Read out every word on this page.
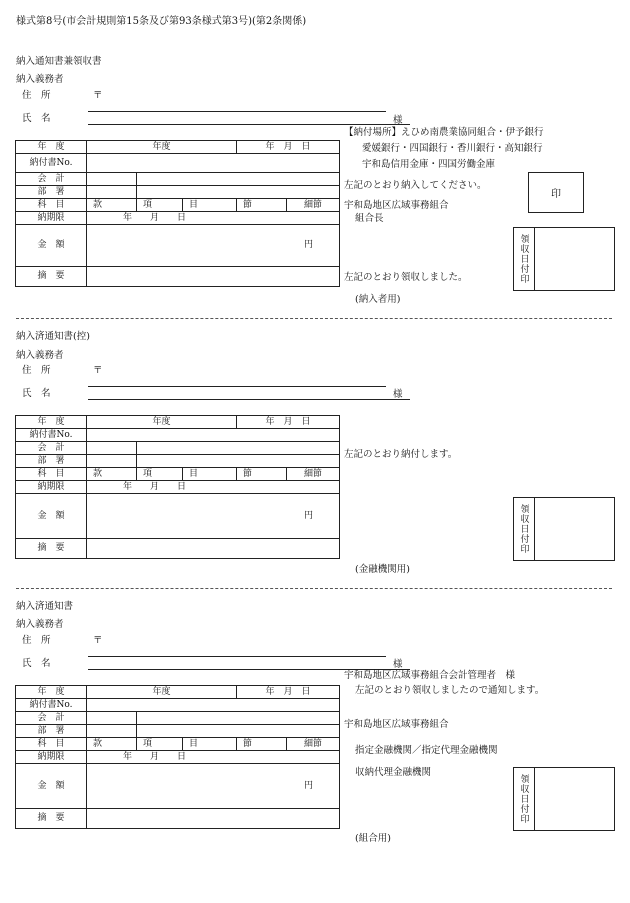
様式第8号(市会計規則第15条及び第93条様式第3号)(第2条関係)
納入通知書兼領収書
納入義務者
住　所	〒
氏　名	様
【納付場所】えひめ南農業協同組合・伊予銀行
愛媛銀行・四国銀行・香川銀行・高知銀行
宇和島信用金庫・四国労働金庫
左記のとおり納入してください。
印
宇和島地区広域事務組合
組合長
左記のとおり領収しました。
(納入者用)
領収日付印
年　度	年度			年　月　日	
納付書No.					
会　計					
部　署					
科　目	款	項	目	節	細節
納期限	年　　月　　日				
金　額	円				
摘　要					
納入済通知書(控)
納入義務者
住　所	〒
氏　名	様
左記のとおり納付します。
(金融機関用)
領収日付印
年　度	年度			年　月　日	
納付書No.					
会　計					
部　署					
科　目	款	項	目	節	細節
納期限	年　　月　　日				
金　額	円				
摘　要					
納入済通知書
納入義務者
住　所	〒
氏　名	様
宇和島地区広域事務組合会計管理者　様
左記のとおり領収しましたので通知します。
宇和島地区広域事務組合
指定金融機関／指定代理金融機関
収納代理金融機関
(組合用)
領収日付印
年　度	年度			年　月　日	
納付書No.					
会　計					
部　署					
科　目	款	項	目	節	細節
納期限	年　　月　　日				
金　額	円				
摘　要					
